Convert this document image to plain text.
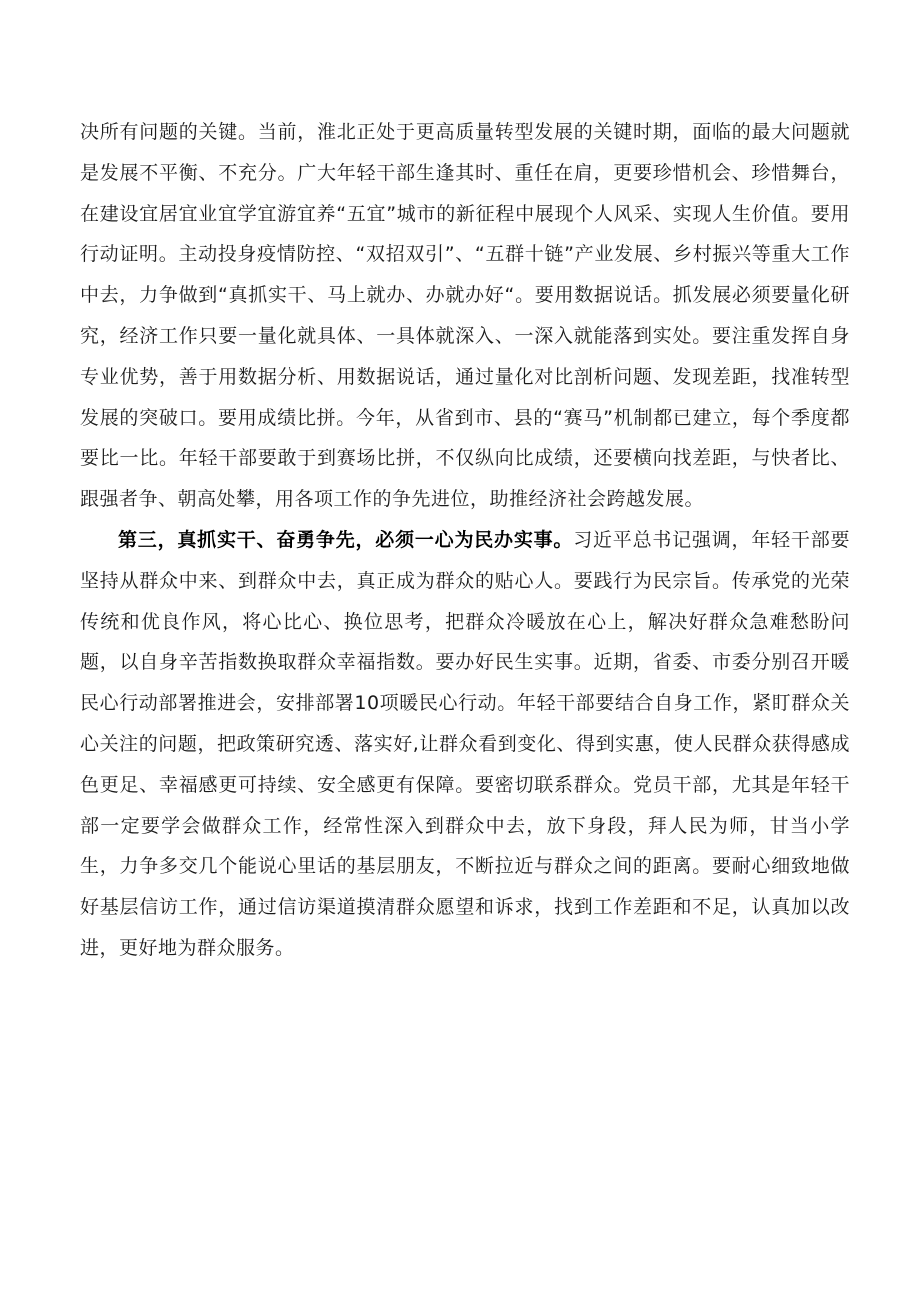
决所有问题的关键。当前，淮北正处于更高质量转型发展的关键时期，面临的最大问题就是发展不平衡、不充分。广大年轻干部生逢其时、重任在肩，更要珍惜机会、珍惜舞台，在建设宜居宜业宜学宜游宜养“五宜”城市的新征程中展现个人风采、实现人生价值。要用行动证明。主动投身疫情防控、“双招双引”、“五群十链”产业发展、乡村振兴等重大工作中去，力争做到“真抓实干、马上就办、办就办好“。要用数据说话。抓发展必须要量化研究，经济工作只要一量化就具体、一具体就深入、一深入就能落到实处。要注重发挥自身专业优势，善于用数据分析、用数据说话，通过量化对比剖析问题、发现差距，找准转型发展的突破口。要用成绩比拼。今年，从省到市、县的“赛马”机制都已建立，每个季度都要比一比。年轻干部要敢于到赛场比拼，不仅纵向比成绩，还要横向找差距，与快者比、跟强者争、朝高处攀，用各项工作的争先进位，助推经济社会跨越发展。

第三，真抓实干、奋勇争先，必须一心为民办实事。习近平总书记强调，年轻干部要坚持从群众中来、到群众中去，真正成为群众的贴心人。要践行为民宗旨。传承党的光荣传统和优良作风，将心比心、换位思考，把群众冷暖放在心上，解决好群众急难愁盼问题，以自身辛苦指数换取群众幸福指数。要办好民生实事。近期，省委、市委分别召开暖民心行动部署推进会，安排部署10项暖民心行动。年轻干部要结合自身工作，紧盯群众关心关注的问题，把政策研究透、落实好,让群众看到变化、得到实惠，使人民群众获得感成色更足、幸福感更可持续、安全感更有保障。要密切联系群众。党员干部，尤其是年轻干部一定要学会做群众工作，经常性深入到群众中去，放下身段，拜人民为师，甘当小学生，力争多交几个能说心里话的基层朋友，不断拉近与群众之间的距离。要耐心细致地做好基层信访工作，通过信访渠道摸清群众愿望和诉求，找到工作差距和不足，认真加以改进，更好地为群众服务。
